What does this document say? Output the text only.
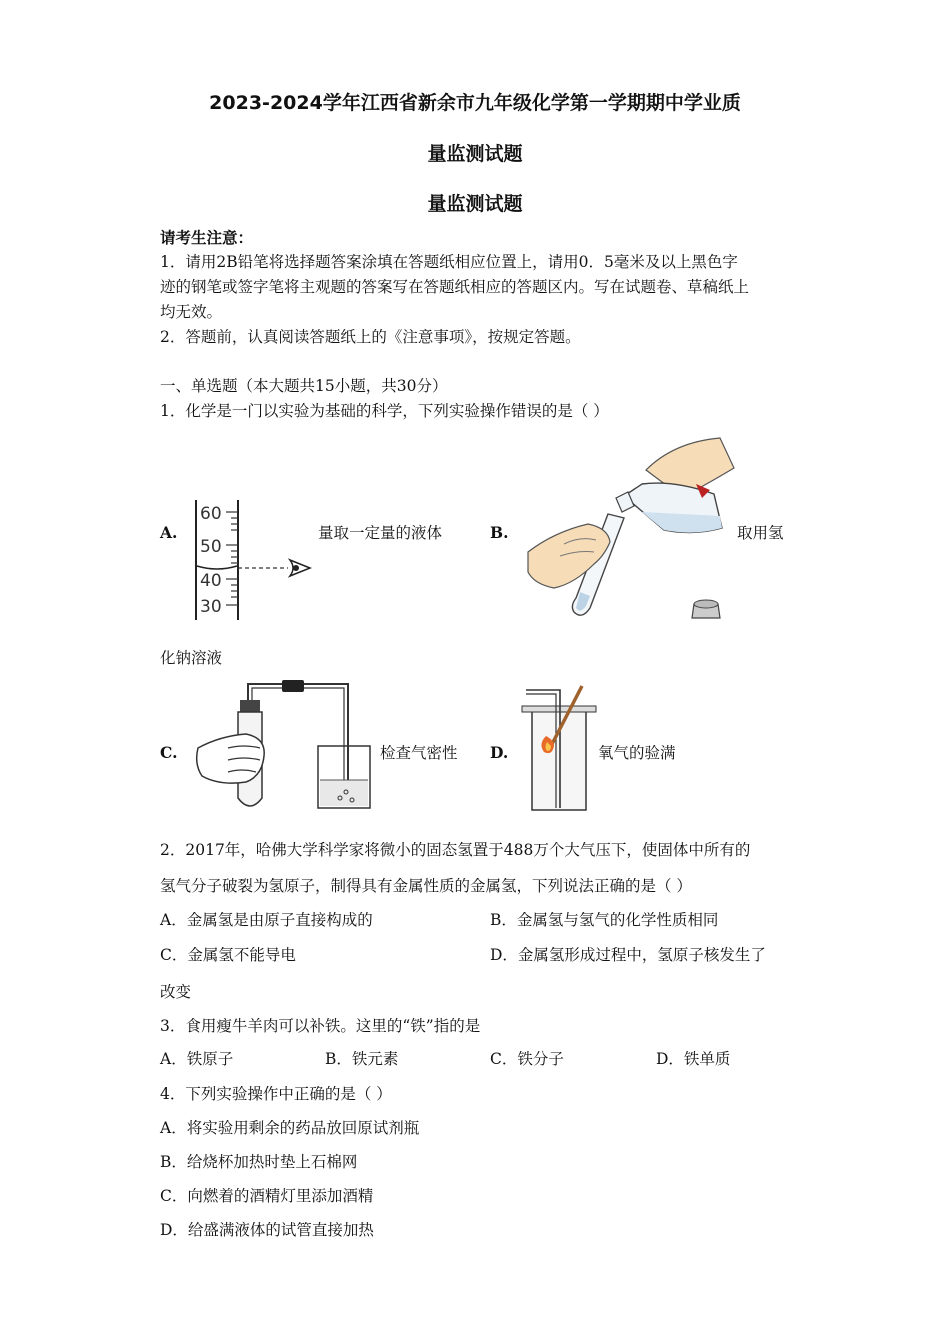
2023-2024学年江西省新余市九年级化学第一学期期中学业质
量监测试题
量监测试题
请考生注意：
1．请用2B铅笔将选择题答案涂填在答题纸相应位置上，请用0．5毫米及以上黑色字
迹的钢笔或签字笔将主观题的答案写在答题纸相应的答题区内。写在试题卷、草稿纸上
均无效。
2．答题前，认真阅读答题纸上的《注意事项》，按规定答题。
一、单选题（本大题共15小题，共30分）
1．化学是一门以实验为基础的科学，下列实验操作错误的是（ ）
A.
60
50
40
30
量取一定量的液体	B.	取用氢
化钠溶液
C.	检查气密性 D.	氧气的验满
2．2017年，哈佛大学科学家将微小的固态氢置于488万个大气压下，使固体中所有的
氢气分子破裂为氢原子，制得具有金属性质的金属氢，下列说法正确的是（ ）
A．金属氢是由原子直接构成的	B．金属氢与氢气的化学性质相同
C．金属氢不能导电	D．金属氢形成过程中，氢原子核发生了
改变
3．食用瘦牛羊肉可以补铁。这里的“铁”指的是
A．铁原子	B．铁元素	C．铁分子	D．铁单质
4．下列实验操作中正确的是（ ）
A．将实验用剩余的药品放回原试剂瓶
B．给烧杯加热时垫上石棉网
C．向燃着的酒精灯里添加酒精
D．给盛满液体的试管直接加热
